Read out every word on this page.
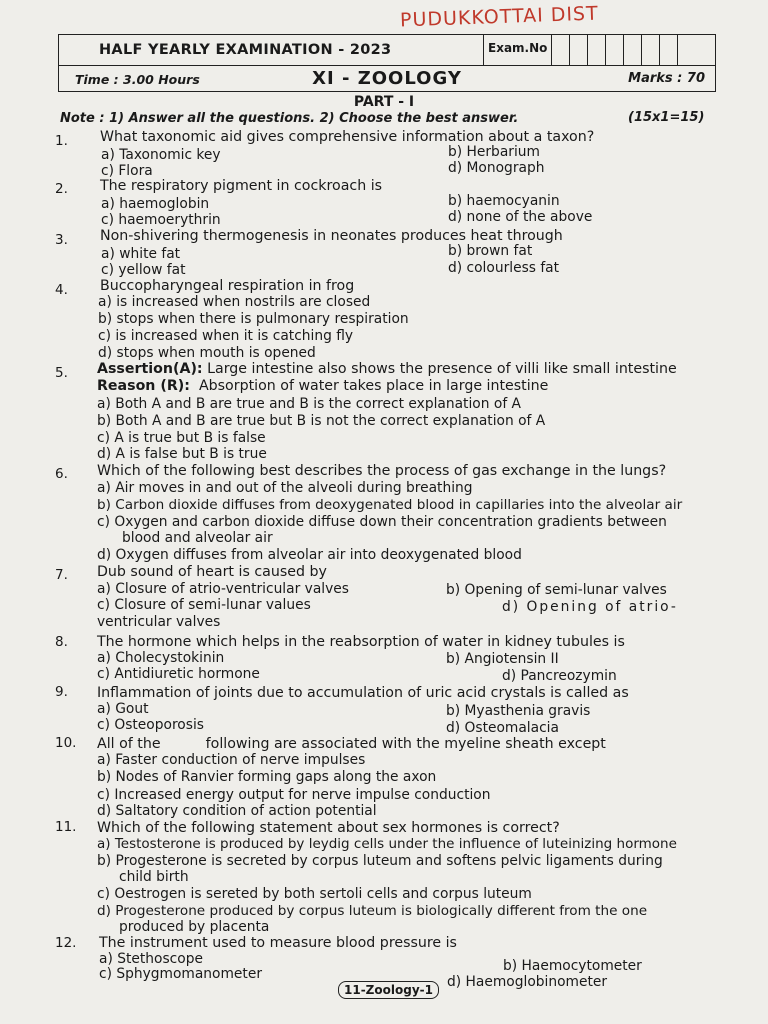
PUDUKKOTTAI DIST
HALF YEARLY EXAMINATION - 2023	Exam.No
Time : 3.00 Hours	XI - ZOOLOGY	Marks : 70
PART - I
Note : 1) Answer all the questions. 2) Choose the best answer.	(15x1=15)
1. What taxonomic aid gives comprehensive information about a taxon?
a) Taxonomic key	b) Herbarium
c) Flora	d) Monograph
2. The respiratory pigment in cockroach is
a) haemoglobin	b) haemocyanin
c) haemoerythrin	d) none of the above
3. Non-shivering thermogenesis in neonates produces heat through
a) white fat	b) brown fat
c) yellow fat	d) colourless fat
4. Buccopharyngeal respiration in frog
a) is increased when nostrils are closed
b) stops when there is pulmonary respiration
c) is increased when it is catching fly
d) stops when mouth is opened
5. Assertion(A): Large intestine also shows the presence of villi like small intestine
Reason (R): Absorption of water takes place in large intestine
a) Both A and B are true and B is the correct explanation of A
b) Both A and B are true but B is not the correct explanation of A
c) A is true but B is false
d) A is false but B is true
6. Which of the following best describes the process of gas exchange in the lungs?
a) Air moves in and out of the alveoli during breathing
b) Carbon dioxide diffuses from deoxygenated blood in capillaries into the alveolar air
c) Oxygen and carbon dioxide diffuse down their concentration gradients between
blood and alveolar air
d) Oxygen diffuses from alveolar air into deoxygenated blood
7. Dub sound of heart is caused by
a) Closure of atrio-ventricular valves	b) Opening of semi-lunar valves
c) Closure of semi-lunar values	d) Opening of atrio-
ventricular valves
8. The hormone which helps in the reabsorption of water in kidney tubules is
a) Cholecystokinin	b) Angiotensin II
c) Antidiuretic hormone	d) Pancreozymin
9. Inflammation of joints due to accumulation of uric acid crystals is called as
a) Gout	b) Myasthenia gravis
c) Osteoporosis	d) Osteomalacia
10. All of the          following are associated with the myeline sheath except
a) Faster conduction of nerve impulses
b) Nodes of Ranvier forming gaps along the axon
c) Increased energy output for nerve impulse conduction
d) Saltatory condition of action potential
11. Which of the following statement about sex hormones is correct?
a) Testosterone is produced by leydig cells under the influence of luteinizing hormone
b) Progesterone is secreted by corpus luteum and softens pelvic ligaments during
child birth
c) Oestrogen is sereted by both sertoli cells and corpus luteum
d) Progesterone produced by corpus luteum is biologically different from the one
produced by placenta
12. The instrument used to measure blood pressure is
a) Stethoscope	b) Haemocytometer
c) Sphygmomanometer	d) Haemoglobinometer
11-Zoology-1
